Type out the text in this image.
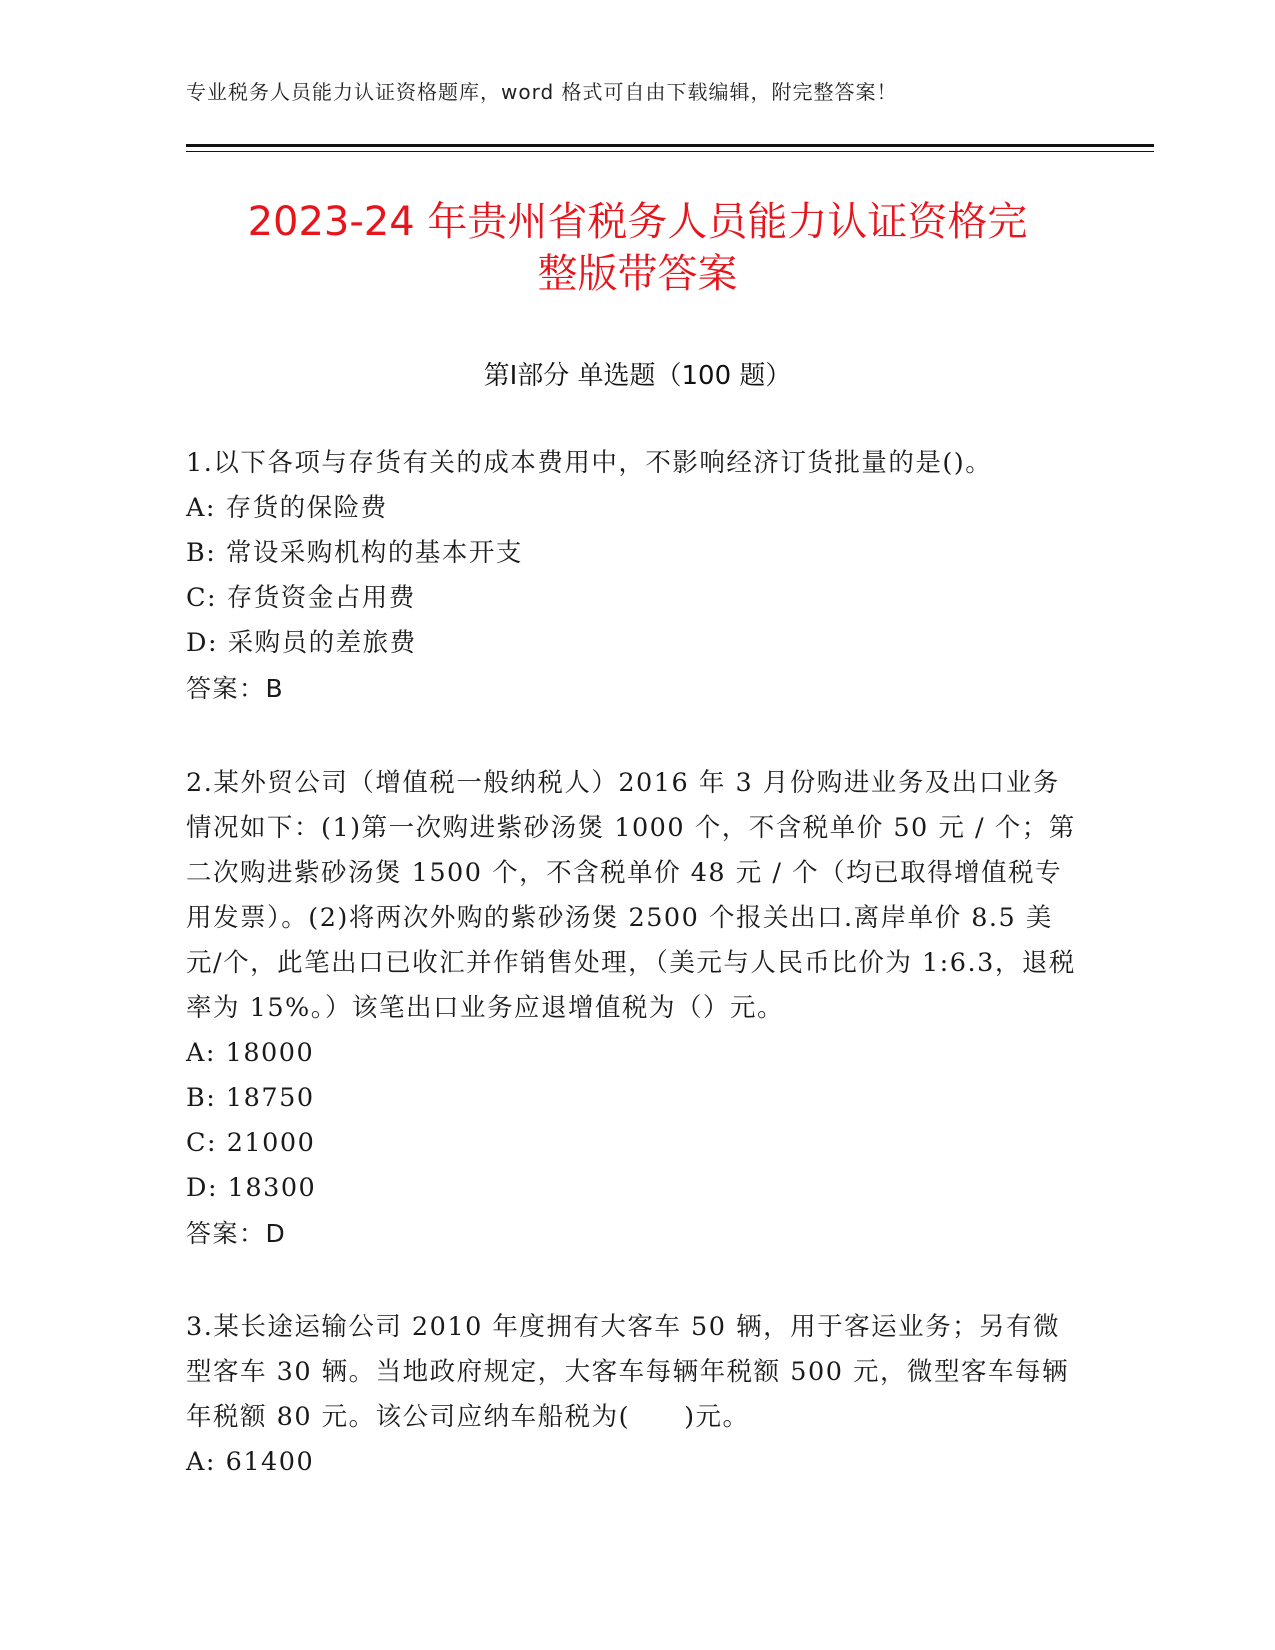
专业税务人员能力认证资格题库，word 格式可自由下载编辑，附完整答案！
2023-24 年贵州省税务人员能力认证资格完
整版带答案
第Ⅰ部分 单选题（100 题）

1.以下各项与存货有关的成本费用中，不影响经济订货批量的是()。

A: 存货的保险费

B: 常设采购机构的基本开支

C: 存货资金占用费

D: 采购员的差旅费

答案：B

2.某外贸公司（增值税一般纳税人）2016 年 3 月份购进业务及出口业务情况如下：(1)第一次购进紫砂汤煲 1000 个，不含税单价 50 元 / 个；第二次购进紫砂汤煲 1500 个，不含税单价 48 元 / 个（均已取得增值税专用发票）。(2)将两次外购的紫砂汤煲 2500 个报关出口.离岸单价 8.5 美元/个，此笔出口已收汇并作销售处理，（美元与人民币比价为 1:6.3，退税率为 15%。）该笔出口业务应退增值税为（）元。

A: 18000

B: 18750

C: 21000

D: 18300

答案：D

3.某长途运输公司 2010 年度拥有大客车 50 辆，用于客运业务；另有微型客车 30 辆。当地政府规定，大客车每辆年税额 500 元，微型客车每辆年税额 80 元。该公司应纳车船税为(　　)元。

A: 61400
